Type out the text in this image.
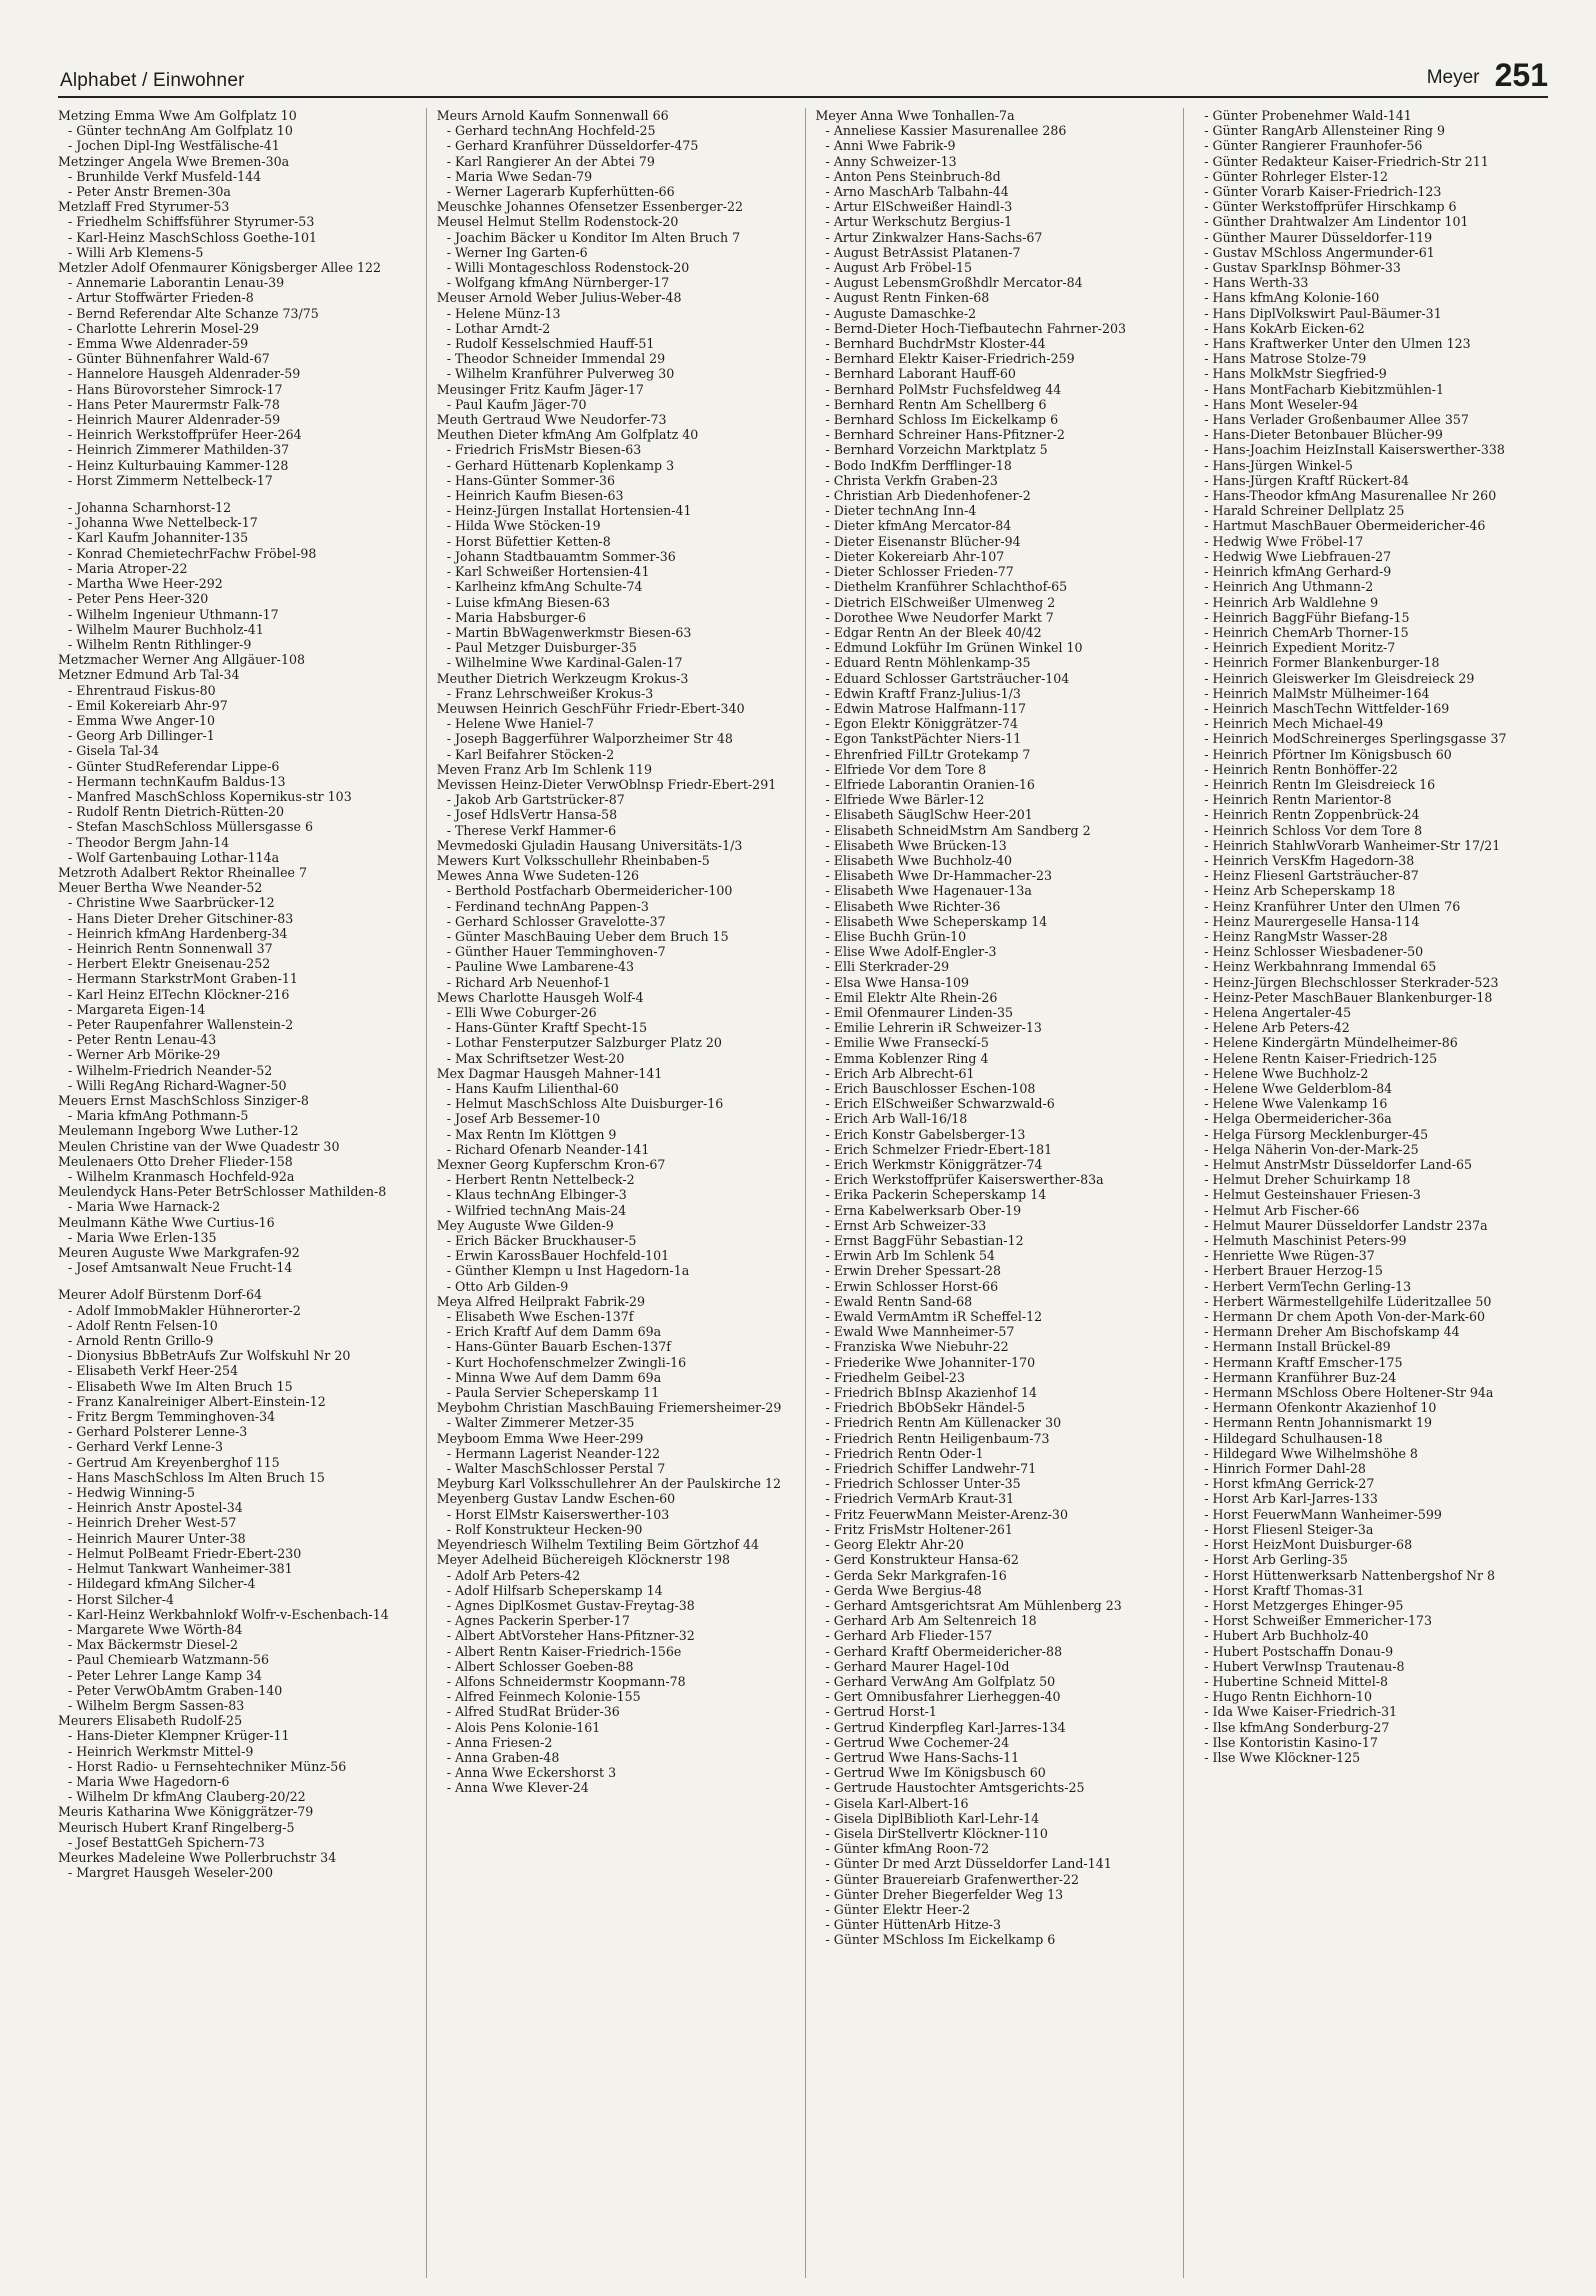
Alphabet / Einwohner	Meyer 251
Metzing Emma Wwe Am Golfplatz 10
- Günter technAng Am Golfplatz 10
- Jochen Dipl-Ing Westfälische-41
Metzinger Angela Wwe Bremen-30a
- Brunhilde Verkf Musfeld-144
- Peter Anstr Bremen-30a
Metzlaff Fred Styrumer-53
- Friedhelm Schiffsführer Styrumer-53
- Karl-Heinz MaschSchloss Goethe-101
- Willi Arb Klemens-5
Metzler Adolf Ofenmaurer Königsberger Allee 122
- Annemarie Laborantin Lenau-39
- Artur Stoffwärter Frieden-8
- Bernd Referendar Alte Schanze 73/75
- Charlotte Lehrerin Mosel-29
- Emma Wwe Aldenrader-59
- Günter Bühnenfahrer Wald-67
- Hannelore Hausgeh Aldenrader-59
- Hans Bürovorsteher Simrock-17
- Hans Peter Maurermstr Falk-78
- Heinrich Maurer Aldenrader-59
- Heinrich Werkstoffprüfer Heer-264
- Heinrich Zimmerer Mathilden-37
- Heinz Kulturbauing Kammer-128
- Horst Zimmerm Nettelbeck-17
- Johanna Scharnhorst-12
- Johanna Wwe Nettelbeck-17
- Karl Kaufm Johanniter-135
- Konrad ChemietechrFachw Fröbel-98
- Maria Atroper-22
- Martha Wwe Heer-292
- Peter Pens Heer-320
- Wilhelm Ingenieur Uthmann-17
- Wilhelm Maurer Buchholz-41
- Wilhelm Rentn Rithlinger-9
Metzmacher Werner Ang Allgäuer-108
Metzner Edmund Arb Tal-34
- Ehrentraud Fiskus-80
- Emil Kokereiarb Ahr-97
- Emma Wwe Anger-10
- Georg Arb Dillinger-1
- Gisela Tal-34
- Günter StudReferendar Lippe-6
- Hermann technKaufm Baldus-13
- Manfred MaschSchloss Kopernikus-str 103
- Rudolf Rentn Dietrich-Rütten-20
- Stefan MaschSchloss Müllersgasse 6
- Theodor Bergm Jahn-14
- Wolf Gartenbauing Lothar-114a
Metzroth Adalbert Rektor Rheinallee 7
Meuer Bertha Wwe Neander-52
- Christine Wwe Saarbrücker-12
- Hans Dieter Dreher Gitschiner-83
- Heinrich kfmAng Hardenberg-34
- Heinrich Rentn Sonnenwall 37
- Herbert Elektr Gneisenau-252
- Hermann StarkstrMont Graben-11
- Karl Heinz ElTechn Klöckner-216
- Margareta Eigen-14
- Peter Raupenfahrer Wallenstein-2
- Peter Rentn Lenau-43
- Werner Arb Mörike-29
- Wilhelm-Friedrich Neander-52
- Willi RegAng Richard-Wagner-50
Meuers Ernst MaschSchloss Sinziger-8
- Maria kfmAng Pothmann-5
Meulemann Ingeborg Wwe Luther-12
Meulen Christine van der Wwe Quadestr 30
Meulenaers Otto Dreher Flieder-158
- Wilhelm Kranmasch Hochfeld-92a
Meulendyck Hans-Peter BetrSchlosser Mathilden-8
- Maria Wwe Harnack-2
Meulmann Käthe Wwe Curtius-16
- Maria Wwe Erlen-135
Meuren Auguste Wwe Markgrafen-92
- Josef Amtsanwalt Neue Frucht-14
Meurer Adolf Bürstenm Dorf-64
- Adolf ImmobMakler Hühnerorter-2
- Adolf Rentn Felsen-10
- Arnold Rentn Grillo-9
- Dionysius BbBetrAufs Zur Wolfskuhl Nr 20
- Elisabeth Verkf Heer-254
- Elisabeth Wwe Im Alten Bruch 15
- Franz Kanalreiniger Albert-Einstein-12
- Fritz Bergm Temminghoven-34
- Gerhard Polsterer Lenne-3
- Gerhard Verkf Lenne-3
- Gertrud Am Kreyenberghof 115
- Hans MaschSchloss Im Alten Bruch 15
- Hedwig Winning-5
- Heinrich Anstr Apostel-34
- Heinrich Dreher West-57
- Heinrich Maurer Unter-38
- Helmut PolBeamt Friedr-Ebert-230
- Helmut Tankwart Wanheimer-381
- Hildegard kfmAng Silcher-4
- Horst Silcher-4
- Karl-Heinz Werkbahnlokf Wolfr-v-Eschenbach-14
- Margarete Wwe Wörth-84
- Max Bäckermstr Diesel-2
- Paul Chemiearb Watzmann-56
- Peter Lehrer Lange Kamp 34
- Peter VerwObAmtm Graben-140
- Wilhelm Bergm Sassen-83
Meurers Elisabeth Rudolf-25
- Hans-Dieter Klempner Krüger-11
- Heinrich Werkmstr Mittel-9
- Horst Radio- u Fernsehtechniker Münz-56
- Maria Wwe Hagedorn-6
- Wilhelm Dr kfmAng Clauberg-20/22
Meuris Katharina Wwe Königgrätzer-79
Meurisch Hubert Kranf Ringelberg-5
- Josef BestattGeh Spichern-73
Meurkes Madeleine Wwe Pollerbruchstr 34
- Margret Hausgeh Weseler-200
Meurs Arnold Kaufm Sonnenwall 66
- Gerhard technAng Hochfeld-25
- Gerhard Kranführer Düsseldorfer-475
- Karl Rangierer An der Abtei 79
- Maria Wwe Sedan-79
- Werner Lagerarb Kupferhütten-66
Meuschke Johannes Ofensetzer Essenberger-22
Meusel Helmut Stellm Rodenstock-20
- Joachim Bäcker u Konditor Im Alten Bruch 7
- Werner Ing Garten-6
- Willi Montageschloss Rodenstock-20
- Wolfgang kfmAng Nürnberger-17
Meuser Arnold Weber Julius-Weber-48
- Helene Münz-13
- Lothar Arndt-2
- Rudolf Kesselschmied Hauff-51
- Theodor Schneider Immendal 29
- Wilhelm Kranführer Pulverweg 30
Meusinger Fritz Kaufm Jäger-17
- Paul Kaufm Jäger-70
Meuth Gertraud Wwe Neudorfer-73
Meuthen Dieter kfmAng Am Golfplatz 40
- Friedrich FrisMstr Biesen-63
- Gerhard Hüttenarb Koplenkamp 3
- Hans-Günter Sommer-36
- Heinrich Kaufm Biesen-63
- Heinz-Jürgen Installat Hortensien-41
- Hilda Wwe Stöcken-19
- Horst Büfettier Ketten-8
- Johann Stadtbauamtm Sommer-36
- Karl Schweißer Hortensien-41
- Karlheinz kfmAng Schulte-74
- Luise kfmAng Biesen-63
- Maria Habsburger-6
- Martin BbWagenwerkmstr Biesen-63
- Paul Metzger Duisburger-35
- Wilhelmine Wwe Kardinal-Galen-17
Meuther Dietrich Werkzeugm Krokus-3
- Franz Lehrschweißer Krokus-3
Meuwsen Heinrich GeschFühr Friedr-Ebert-340
- Helene Wwe Haniel-7
- Joseph Baggerführer Walporzheimer Str 48
- Karl Beifahrer Stöcken-2
Meven Franz Arb Im Schlenk 119
Mevissen Heinz-Dieter VerwOblnsp Friedr-Ebert-291
- Jakob Arb Gartstrücker-87
- Josef HdlsVertr Hansa-58
- Therese Verkf Hammer-6
Mevmedoski Gjuladin Hausang Universitäts-1/3
Mewers Kurt Volksschullehr Rheinbaben-5
Mewes Anna Wwe Sudeten-126
- Berthold Postfacharb Obermeidericher-100
- Ferdinand technAng Pappen-3
- Gerhard Schlosser Gravelotte-37
- Günter MaschBauing Ueber dem Bruch 15
- Günther Hauer Temminghoven-7
- Pauline Wwe Lambarene-43
- Richard Arb Neuenhof-1
Mews Charlotte Hausgeh Wolf-4
- Elli Wwe Coburger-26
- Hans-Günter Kraftf Specht-15
- Lothar Fensterputzer Salzburger Platz 20
- Max Schriftsetzer West-20
Mex Dagmar Hausgeh Mahner-141
- Hans Kaufm Lilienthal-60
- Helmut MaschSchloss Alte Duisburger-16
- Josef Arb Bessemer-10
- Max Rentn Im Klöttgen 9
- Richard Ofenarb Neander-141
Mexner Georg Kupferschm Kron-67
- Herbert Rentn Nettelbeck-2
- Klaus technAng Elbinger-3
- Wilfried technAng Mais-24
Mey Auguste Wwe Gilden-9
- Erich Bäcker Bruckhauser-5
- Erwin KarossBauer Hochfeld-101
- Günther Klempn u Inst Hagedorn-1a
- Otto Arb Gilden-9
Meya Alfred Heilprakt Fabrik-29
- Elisabeth Wwe Eschen-137f
- Erich Kraftf Auf dem Damm 69a
- Hans-Günter Bauarb Eschen-137f
- Kurt Hochofenschmelzer Zwingli-16
- Minna Wwe Auf dem Damm 69a
- Paula Servier Scheperskamp 11
Meybohm Christian MaschBauing Friemersheimer-29
- Walter Zimmerer Metzer-35
Meyboom Emma Wwe Heer-299
- Hermann Lagerist Neander-122
- Walter MaschSchlosser Perstal 7
Meyburg Karl Volksschullehrer An der Paulskirche 12
Meyenberg Gustav Landw Eschen-60
- Horst ElMstr Kaiserswerther-103
- Rolf Konstrukteur Hecken-90
Meyendriesch Wilhelm Textiling Beim Görtzhof 44
Meyer Adelheid Büchereigeh Klöcknerstr 198
- Adolf Arb Peters-42
- Adolf Hilfsarb Scheperskamp 14
- Agnes DiplKosmet Gustav-Freytag-38
- Agnes Packerin Sperber-17
- Albert AbtVorsteher Hans-Pfitzner-32
- Albert Rentn Kaiser-Friedrich-156e
- Albert Schlosser Goeben-88
- Alfons Schneidermstr Koopmann-78
- Alfred Feinmech Kolonie-155
- Alfred StudRat Brüder-36
- Alois Pens Kolonie-161
- Anna Friesen-2
- Anna Graben-48
- Anna Wwe Eckershorst 3
- Anna Wwe Klever-24
Meyer Anna Wwe Tonhallen-7a
- Anneliese Kassier Masurenallee 286
- Anni Wwe Fabrik-9
- Anny Schweizer-13
- Anton Pens Steinbruch-8d
- Arno MaschArb Talbahn-44
- Artur ElSchweißer Haindl-3
- Artur Werkschutz Bergius-1
- Artur Zinkwalzer Hans-Sachs-67
- August BetrAssist Platanen-7
- August Arb Fröbel-15
- August LebensmGroßhdlr Mercator-84
- August Rentn Finken-68
- Auguste Damaschke-2
- Bernd-Dieter Hoch-Tiefbautechn Fahrner-203
- Bernhard BuchdrMstr Kloster-44
- Bernhard Elektr Kaiser-Friedrich-259
- Bernhard Laborant Hauff-60
- Bernhard PolMstr Fuchsfeldweg 44
- Bernhard Rentn Am Schellberg 6
- Bernhard Schloss Im Eickelkamp 6
- Bernhard Schreiner Hans-Pfitzner-2
- Bernhard Vorzeichn Marktplatz 5
- Bodo IndKfm Derfflinger-18
- Christa Verkfn Graben-23
- Christian Arb Diedenhofener-2
- Dieter technAng Inn-4
- Dieter kfmAng Mercator-84
- Dieter Eisenanstr Blücher-94
- Dieter Kokereiarb Ahr-107
- Dieter Schlosser Frieden-77
- Diethelm Kranführer Schlachthof-65
- Dietrich ElSchweißer Ulmenweg 2
- Dorothee Wwe Neudorfer Markt 7
- Edgar Rentn An der Bleek 40/42
- Edmund Lokführ Im Grünen Winkel 10
- Eduard Rentn Möhlenkamp-35
- Eduard Schlosser Gartsträucher-104
- Edwin Kraftf Franz-Julius-1/3
- Edwin Matrose Halfmann-117
- Egon Elektr Königgrätzer-74
- Egon TankstPächter Niers-11
- Ehrenfried FilLtr Grotekamp 7
- Elfriede Vor dem Tore 8
- Elfriede Laborantin Oranien-16
- Elfriede Wwe Bärler-12
- Elisabeth SäuglSchw Heer-201
- Elisabeth SchneidMstrn Am Sandberg 2
- Elisabeth Wwe Brücken-13
- Elisabeth Wwe Buchholz-40
- Elisabeth Wwe Dr-Hammacher-23
- Elisabeth Wwe Hagenauer-13a
- Elisabeth Wwe Richter-36
- Elisabeth Wwe Scheperskamp 14
- Elise Buchh Grün-10
- Elise Wwe Adolf-Engler-3
- Elli Sterkrader-29
- Elsa Wwe Hansa-109
- Emil Elektr Alte Rhein-26
- Emil Ofenmaurer Linden-35
- Emilie Lehrerin iR Schweizer-13
- Emilie Wwe Franseckí-5
- Emma Koblenzer Ring 4
- Erich Arb Albrecht-61
- Erich Bauschlosser Eschen-108
- Erich ElSchweißer Schwarzwald-6
- Erich Arb Wall-16/18
- Erich Konstr Gabelsberger-13
- Erich Schmelzer Friedr-Ebert-181
- Erich Werkmstr Königgrätzer-74
- Erich Werkstoffprüfer Kaiserswerther-83a
- Erika Packerin Scheperskamp 14
- Erna Kabelwerksarb Ober-19
- Ernst Arb Schweizer-33
- Ernst BaggFühr Sebastian-12
- Erwin Arb Im Schlenk 54
- Erwin Dreher Spessart-28
- Erwin Schlosser Horst-66
- Ewald Rentn Sand-68
- Ewald VermAmtm iR Scheffel-12
- Ewald Wwe Mannheimer-57
- Franziska Wwe Niebuhr-22
- Friederike Wwe Johanniter-170
- Friedhelm Geibel-23
- Friedrich BbInsp Akazienhof 14
- Friedrich BbObSekr Händel-5
- Friedrich Rentn Am Küllenacker 30
- Friedrich Rentn Heiligenbaum-73
- Friedrich Rentn Oder-1
- Friedrich Schiffer Landwehr-71
- Friedrich Schlosser Unter-35
- Friedrich VermArb Kraut-31
- Fritz FeuerwMann Meister-Arenz-30
- Fritz FrisMstr Holtener-261
- Georg Elektr Ahr-20
- Gerd Konstrukteur Hansa-62
- Gerda Sekr Markgrafen-16
- Gerda Wwe Bergius-48
- Gerhard Amtsgerichtsrat Am Mühlenberg 23
- Gerhard Arb Am Seltenreich 18
- Gerhard Arb Flieder-157
- Gerhard Kraftf Obermeidericher-88
- Gerhard Maurer Hagel-10d
- Gerhard VerwAng Am Golfplatz 50
- Gert Omnibusfahrer Lierheggen-40
- Gertrud Horst-1
- Gertrud Kinderpfleg Karl-Jarres-134
- Gertrud Wwe Cochemer-24
- Gertrud Wwe Hans-Sachs-11
- Gertrud Wwe Im Königsbusch 60
- Gertrude Haustochter Amtsgerichts-25
- Gisela Karl-Albert-16
- Gisela DiplBiblioth Karl-Lehr-14
- Gisela DirStellvertr Klöckner-110
- Günter kfmAng Roon-72
- Günter Dr med Arzt Düsseldorfer Land-141
- Günter Brauereiarb Grafenwerther-22
- Günter Dreher Biegerfelder Weg 13
- Günter Elektr Heer-2
- Günter HüttenArb Hitze-3
- Günter MSchloss Im Eickelkamp 6
- Günter Probenehmer Wald-141
- Günter RangArb Allensteiner Ring 9
- Günter Rangierer Fraunhofer-56
- Günter Redakteur Kaiser-Friedrich-Str 211
- Günter Rohrleger Elster-12
- Günter Vorarb Kaiser-Friedrich-123
- Günter Werkstoffprüfer Hirschkamp 6
- Günther Drahtwalzer Am Lindentor 101
- Günther Maurer Düsseldorfer-119
- Gustav MSchloss Angermunder-61
- Gustav SparkInsp Böhmer-33
- Hans Werth-33
- Hans kfmAng Kolonie-160
- Hans DiplVolkswirt Paul-Bäumer-31
- Hans KokArb Eicken-62
- Hans Kraftwerker Unter den Ulmen 123
- Hans Matrose Stolze-79
- Hans MolkMstr Siegfried-9
- Hans MontFacharb Kiebitzmühlen-1
- Hans Mont Weseler-94
- Hans Verlader Großenbaumer Allee 357
- Hans-Dieter Betonbauer Blücher-99
- Hans-Joachim HeizInstall Kaiserswerther-338
- Hans-Jürgen Winkel-5
- Hans-Jürgen Kraftf Rückert-84
- Hans-Theodor kfmAng Masurenallee Nr 260
- Harald Schreiner Dellplatz 25
- Hartmut MaschBauer Obermeidericher-46
- Hedwig Wwe Fröbel-17
- Hedwig Wwe Liebfrauen-27
- Heinrich kfmAng Gerhard-9
- Heinrich Ang Uthmann-2
- Heinrich Arb Waldlehne 9
- Heinrich BaggFühr Biefang-15
- Heinrich ChemArb Thorner-15
- Heinrich Expedient Moritz-7
- Heinrich Former Blankenburger-18
- Heinrich Gleiswerker Im Gleisdreieck 29
- Heinrich MalMstr Mülheimer-164
- Heinrich MaschTechn Wittfelder-169
- Heinrich Mech Michael-49
- Heinrich ModSchreinerges Sperlingsgasse 37
- Heinrich Pförtner Im Königsbusch 60
- Heinrich Rentn Bonhöffer-22
- Heinrich Rentn Im Gleisdreieck 16
- Heinrich Rentn Marientor-8
- Heinrich Rentn Zoppenbrück-24
- Heinrich Schloss Vor dem Tore 8
- Heinrich StahlwVorarb Wanheimer-Str 17/21
- Heinrich VersKfm Hagedorn-38
- Heinz Fliesenl Gartsträucher-87
- Heinz Arb Scheperskamp 18
- Heinz Kranführer Unter den Ulmen 76
- Heinz Maurergeselle Hansa-114
- Heinz RangMstr Wasser-28
- Heinz Schlosser Wiesbadener-50
- Heinz Werkbahnrang Immendal 65
- Heinz-Jürgen Blechschlosser Sterkrader-523
- Heinz-Peter MaschBauer Blankenburger-18
- Helena Angertaler-45
- Helene Arb Peters-42
- Helene Kindergärtn Mündelheimer-86
- Helene Rentn Kaiser-Friedrich-125
- Helene Wwe Buchholz-2
- Helene Wwe Gelderblom-84
- Helene Wwe Valenkamp 16
- Helga Obermeidericher-36a
- Helga Fürsorg Mecklenburger-45
- Helga Näherin Von-der-Mark-25
- Helmut AnstrMstr Düsseldorfer Land-65
- Helmut Dreher Schuirkamp 18
- Helmut Gesteinshauer Friesen-3
- Helmut Arb Fischer-66
- Helmut Maurer Düsseldorfer Landstr 237a
- Helmuth Maschinist Peters-99
- Henriette Wwe Rügen-37
- Herbert Brauer Herzog-15
- Herbert VermTechn Gerling-13
- Herbert Wärmestellgehilfe Lüderitzallee 50
- Hermann Dr chem Apoth Von-der-Mark-60
- Hermann Dreher Am Bischofskamp 44
- Hermann Install Brückel-89
- Hermann Kraftf Emscher-175
- Hermann Kranführer Buz-24
- Hermann MSchloss Obere Holtener-Str 94a
- Hermann Ofenkontr Akazienhof 10
- Hermann Rentn Johannismarkt 19
- Hildegard Schulhausen-18
- Hildegard Wwe Wilhelmshöhe 8
- Hinrich Former Dahl-28
- Horst kfmAng Gerrick-27
- Horst Arb Karl-Jarres-133
- Horst FeuerwMann Wanheimer-599
- Horst Fliesenl Steiger-3a
- Horst HeizMont Duisburger-68
- Horst Arb Gerling-35
- Horst Hüttenwerksarb Nattenbergshof Nr 8
- Horst Kraftf Thomas-31
- Horst Metzgerges Ehinger-95
- Horst Schweißer Emmericher-173
- Hubert Arb Buchholz-40
- Hubert Postschaffn Donau-9
- Hubert VerwInsp Trautenau-8
- Hubertine Schneid Mittel-8
- Hugo Rentn Eichhorn-10
- Ida Wwe Kaiser-Friedrich-31
- Ilse kfmAng Sonderburg-27
- Ilse Kontoristin Kasino-17
- Ilse Wwe Klöckner-125
